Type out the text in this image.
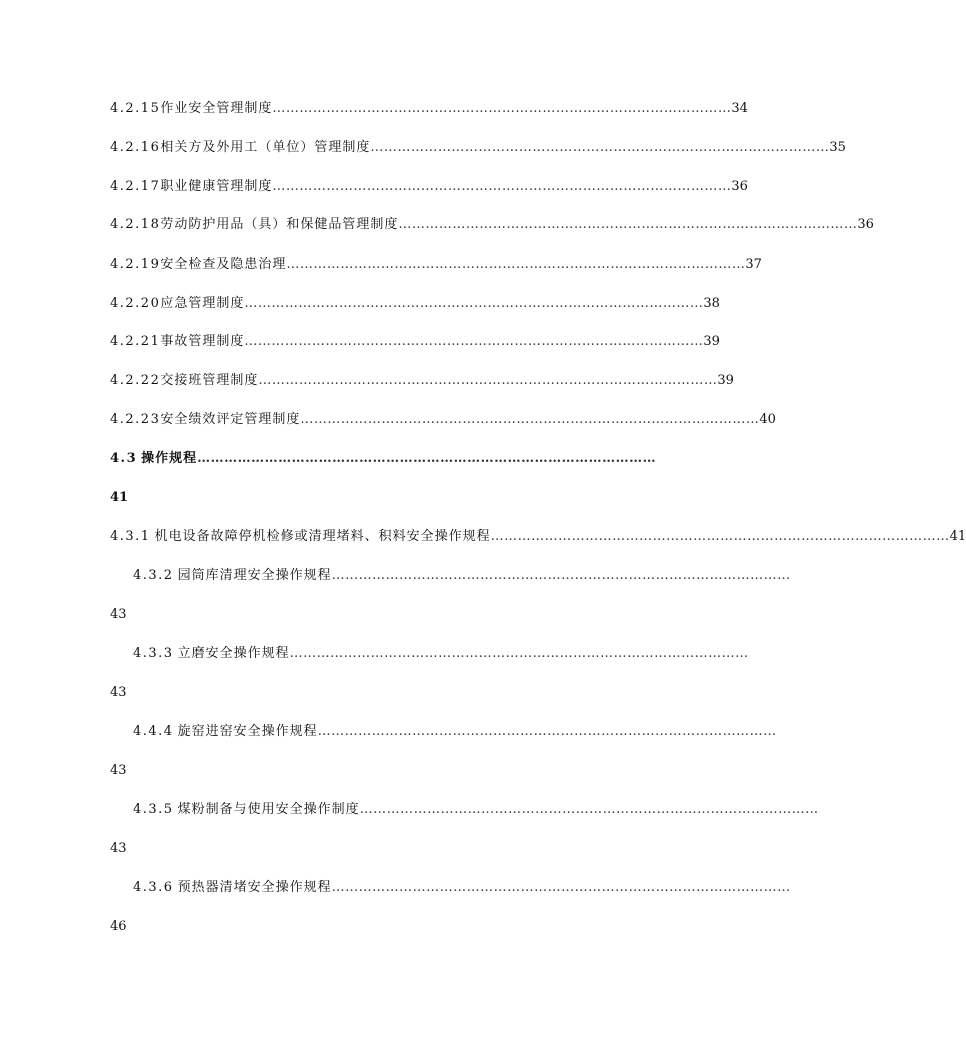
4.2.15 作业安全管理制度 ………………………………………………………………………………………… 34
4.2.16 相关方及外用工（单位）管理制度 ………………………………………………………………………………………… 35
4.2.17 职业健康管理制度 ………………………………………………………………………………………… 36
4.2.18 劳动防护用品（具）和保健品管理制度 ………………………………………………………………………………………… 36
4.2.19 安全检查及隐患治理 ………………………………………………………………………………………… 37
4.2.20 应急管理制度 ………………………………………………………………………………………… 38
4.2.21 事故管理制度 ………………………………………………………………………………………… 39
4.2.22 交接班管理制度 ………………………………………………………………………………………… 39
4.2.23 安全绩效评定管理制度 ………………………………………………………………………………………… 40
4.3 操作规程 …………………………………………………………………………………………
41
4.3.1 机电设备故障停机检修或清理堵料、积料安全操作规程 ………………………………………………………………………………………… 41
4.3.2 园筒库清理安全操作规程 …………………………………………………………………………………………
43
4.3.3 立磨安全操作规程 …………………………………………………………………………………………
43
4.4.4 旋窑进窑安全操作规程 …………………………………………………………………………………………
43
4.3.5 煤粉制备与使用安全操作制度 …………………………………………………………………………………………
43
4.3.6 预热器清堵安全操作规程 …………………………………………………………………………………………
46
